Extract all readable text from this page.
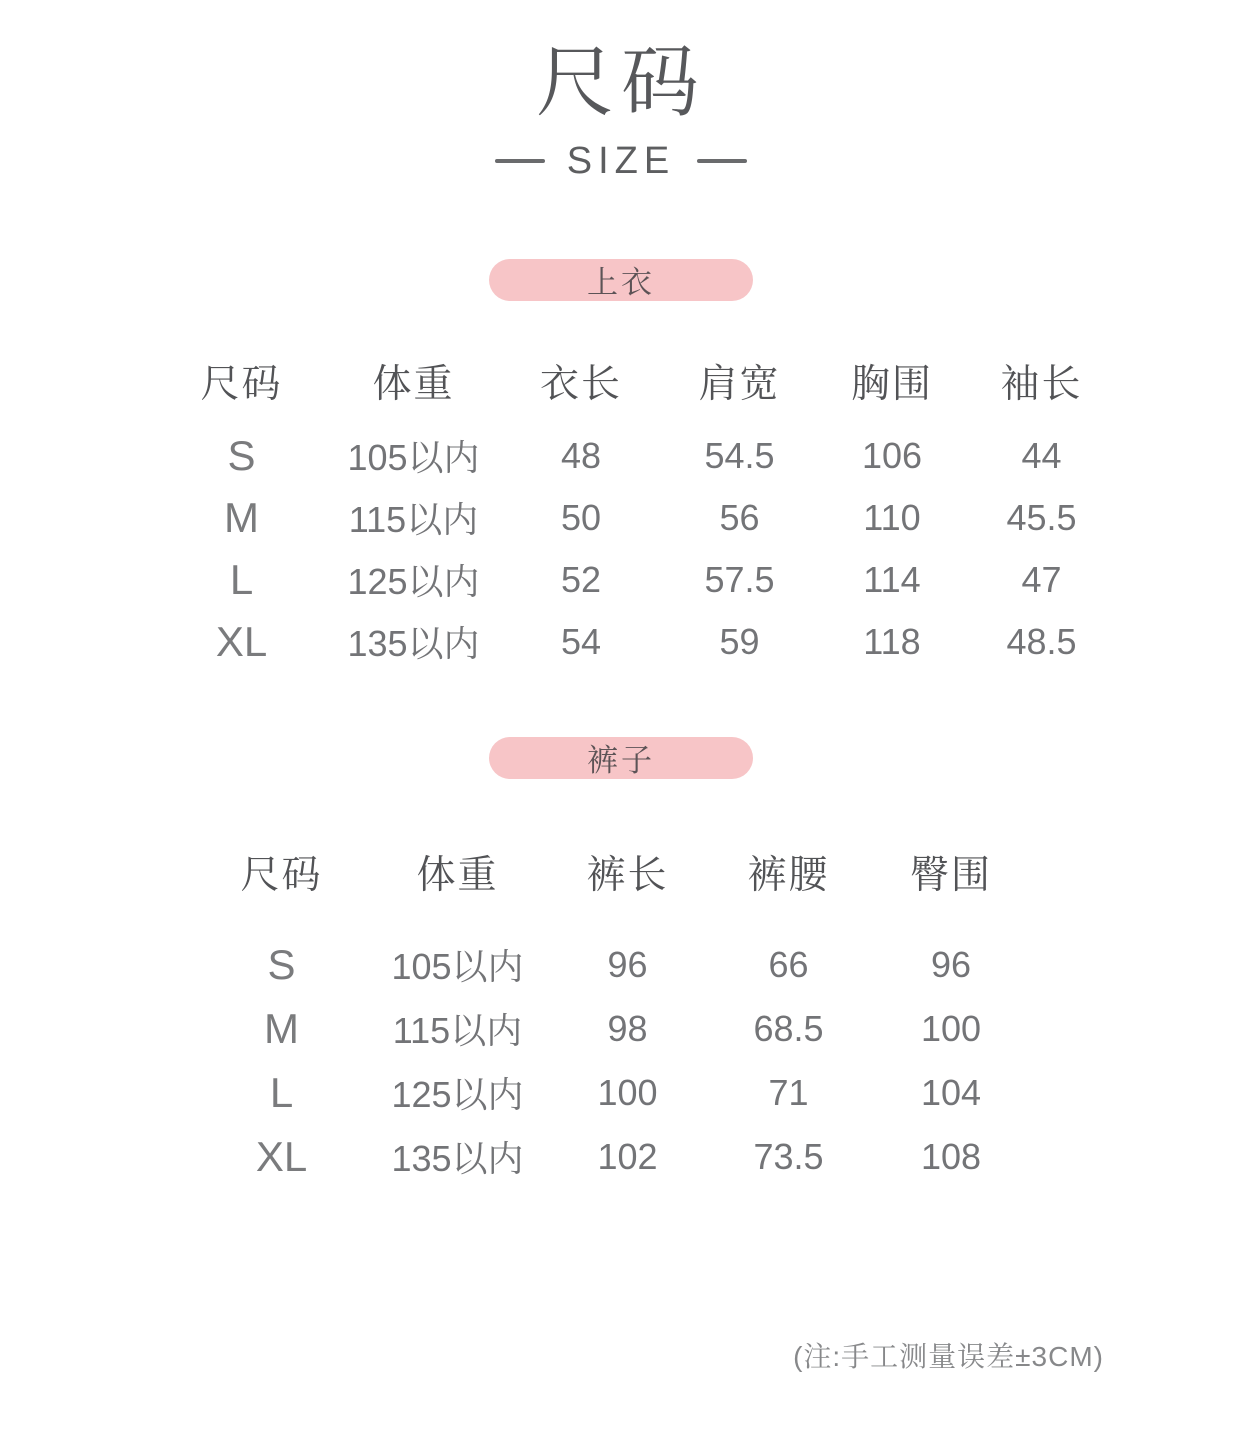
尺码
SIZE
上衣
尺码	体重	衣长	肩宽	胸围	袖长
S	105以内	48	54.5	106	44
M	115以内	50	56	110	45.5
L	125以内	52	57.5	114	47
XL	135以内	54	59	118	48.5
裤子
尺码	体重	裤长	裤腰	臀围
S	105以内	96	66	96
M	115以内	98	68.5	100
L	125以内	100	71	104
XL	135以内	102	73.5	108
(注:手工测量误差±3CM)
